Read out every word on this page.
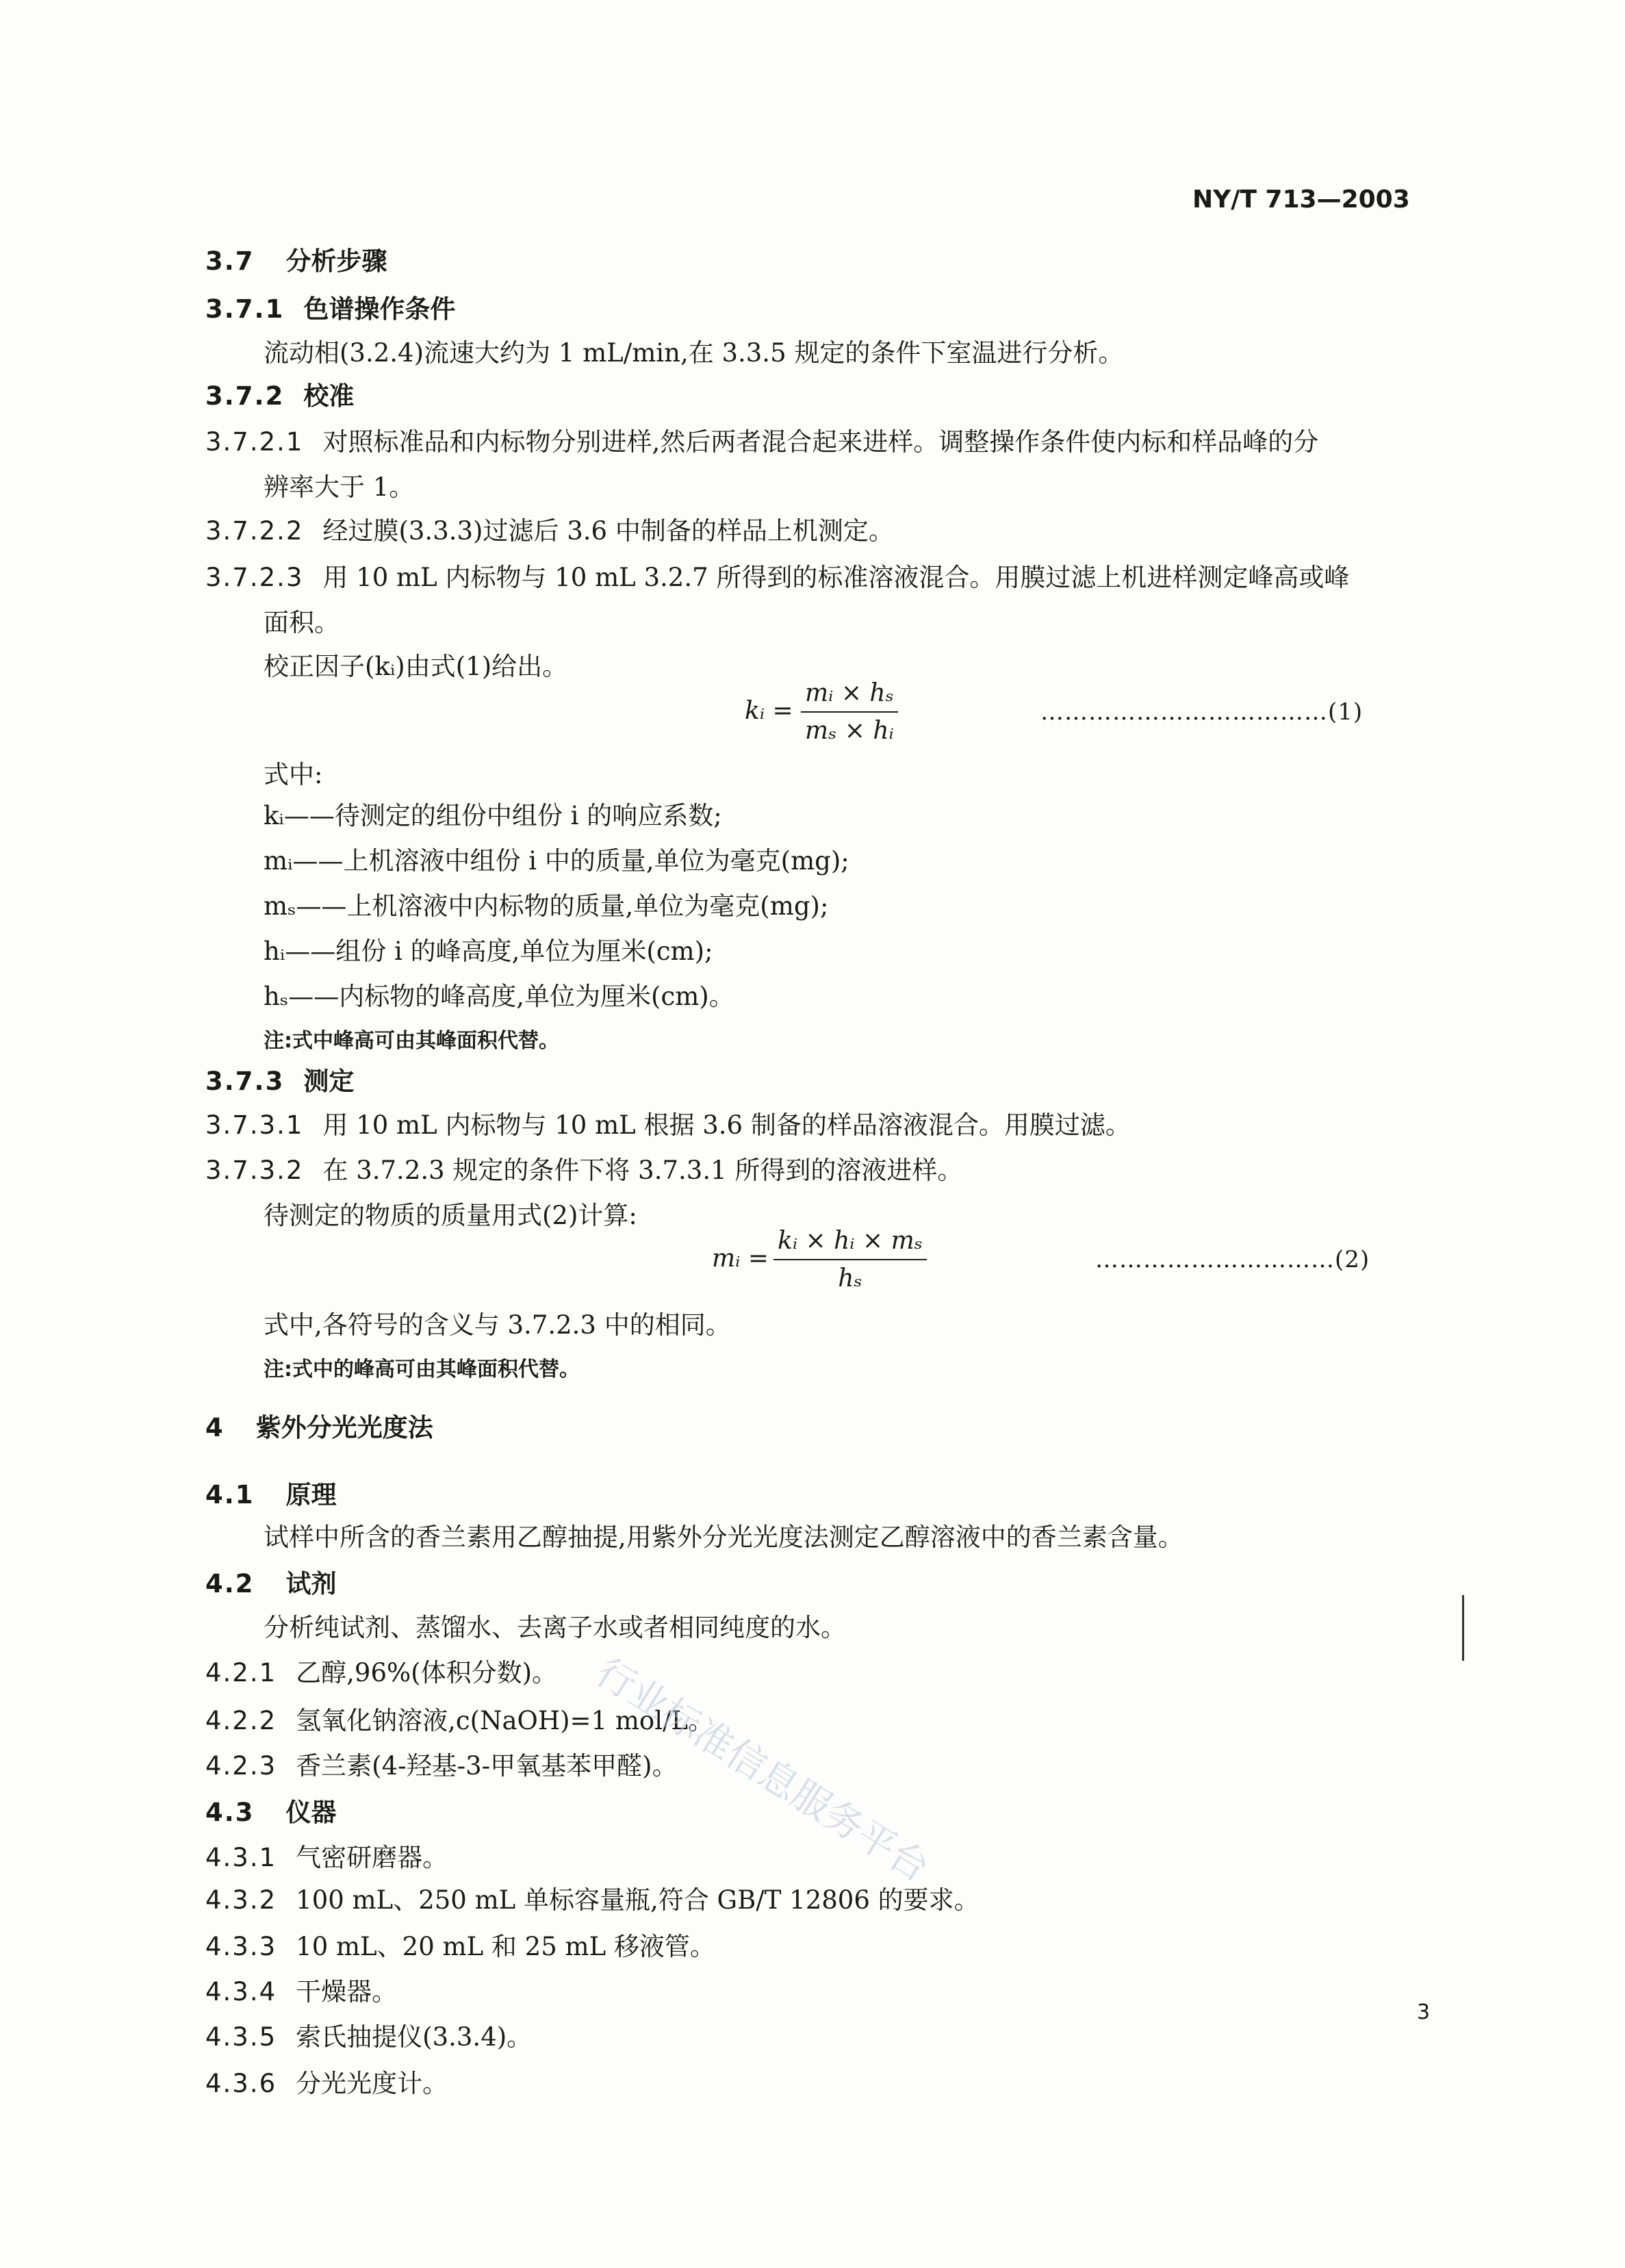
NY/T 713—2003
3.7 分析步骤
3.7.1 色谱操作条件
流动相(3.2.4)流速大约为 1 mL/min,在 3.3.5 规定的条件下室温进行分析。
3.7.2 校准
3.7.2.1 对照标准品和内标物分别进样,然后两者混合起来进样。调整操作条件使内标和样品峰的分
辨率大于 1。
3.7.2.2 经过膜(3.3.3)过滤后 3.6 中制备的样品上机测定。
3.7.2.3 用 10 mL 内标物与 10 mL 3.2.7 所得到的标准溶液混合。用膜过滤上机进样测定峰高或峰
面积。
校正因子(kᵢ)由式(1)给出。
式中:
kᵢ——待测定的组份中组份 i 的响应系数;
mᵢ——上机溶液中组份 i 中的质量,单位为毫克(mg);
mₛ——上机溶液中内标物的质量,单位为毫克(mg);
hᵢ——组份 i 的峰高度,单位为厘米(cm);
hₛ——内标物的峰高度,单位为厘米(cm)。
注:式中峰高可由其峰面积代替。
3.7.3 测定
3.7.3.1 用 10 mL 内标物与 10 mL 根据 3.6 制备的样品溶液混合。用膜过滤。
3.7.3.2 在 3.7.2.3 规定的条件下将 3.7.3.1 所得到的溶液进样。
待测定的物质的质量用式(2)计算:
式中,各符号的含义与 3.7.2.3 中的相同。
注:式中的峰高可由其峰面积代替。
4 紫外分光光度法
4.1 原理
试样中所含的香兰素用乙醇抽提,用紫外分光光度法测定乙醇溶液中的香兰素含量。
4.2 试剂
分析纯试剂、蒸馏水、去离子水或者相同纯度的水。
4.2.1 乙醇,96%(体积分数)。
4.2.2 氢氧化钠溶液,c(NaOH)=1 mol/L。
4.2.3 香兰素(4-羟基-3-甲氧基苯甲醛)。
4.3 仪器
4.3.1 气密研磨器。
4.3.2 100 mL、250 mL 单标容量瓶,符合 GB/T 12806 的要求。
4.3.3 10 mL、20 mL 和 25 mL 移液管。
4.3.4 干燥器。
4.3.5 索氏抽提仪(3.3.4)。
4.3.6 分光光度计。
kᵢ = $\frac{\text{mᵢ × hₛ}}{\text{mₛ × hᵢ}}$	………………………………(1)
mᵢ = $\frac{\text{kᵢ × hᵢ × mₛ}}{\text{hₛ}}$	…………………………(2)
行业标准信息服务平台
3
